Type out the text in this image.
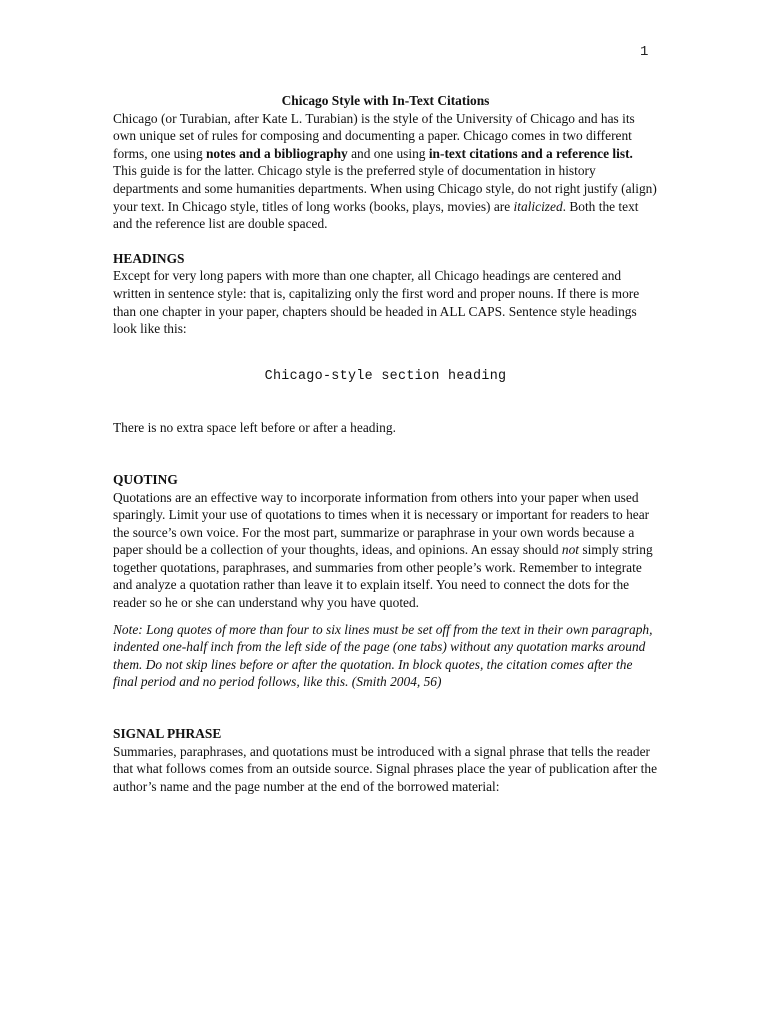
1
Chicago Style with In-Text Citations

Chicago (or Turabian, after Kate L. Turabian) is the style of the University of Chicago and has its own unique set of rules for composing and documenting a paper. Chicago comes in two different forms, one using notes and a bibliography and one using in-text citations and a reference list. This guide is for the latter. Chicago style is the preferred style of documentation in history departments and some humanities departments. When using Chicago style, do not right justify (align) your text. In Chicago style, titles of long works (books, plays, movies) are italicized. Both the text and the reference list are double spaced.

HEADINGS

Except for very long papers with more than one chapter, all Chicago headings are centered and written in sentence style: that is, capitalizing only the first word and proper nouns. If there is more than one chapter in your paper, chapters should be headed in ALL CAPS. Sentence style headings look like this:

Chicago-style section heading

There is no extra space left before or after a heading.

QUOTING

Quotations are an effective way to incorporate information from others into your paper when used sparingly. Limit your use of quotations to times when it is necessary or important for readers to hear the source’s own voice. For the most part, summarize or paraphrase in your own words because a paper should be a collection of your thoughts, ideas, and opinions. An essay should not simply string together quotations, paraphrases, and summaries from other people’s work. Remember to integrate and analyze a quotation rather than leave it to explain itself. You need to connect the dots for the reader so he or she can understand why you have quoted.

Note: Long quotes of more than four to six lines must be set off from the text in their own paragraph, indented one-half inch from the left side of the page (one tabs) without any quotation marks around them. Do not skip lines before or after the quotation. In block quotes, the citation comes after the final period and no period follows, like this. (Smith 2004, 56)

SIGNAL PHRASE

Summaries, paraphrases, and quotations must be introduced with a signal phrase that tells the reader that what follows comes from an outside source. Signal phrases place the year of publication after the author’s name and the page number at the end of the borrowed material:
